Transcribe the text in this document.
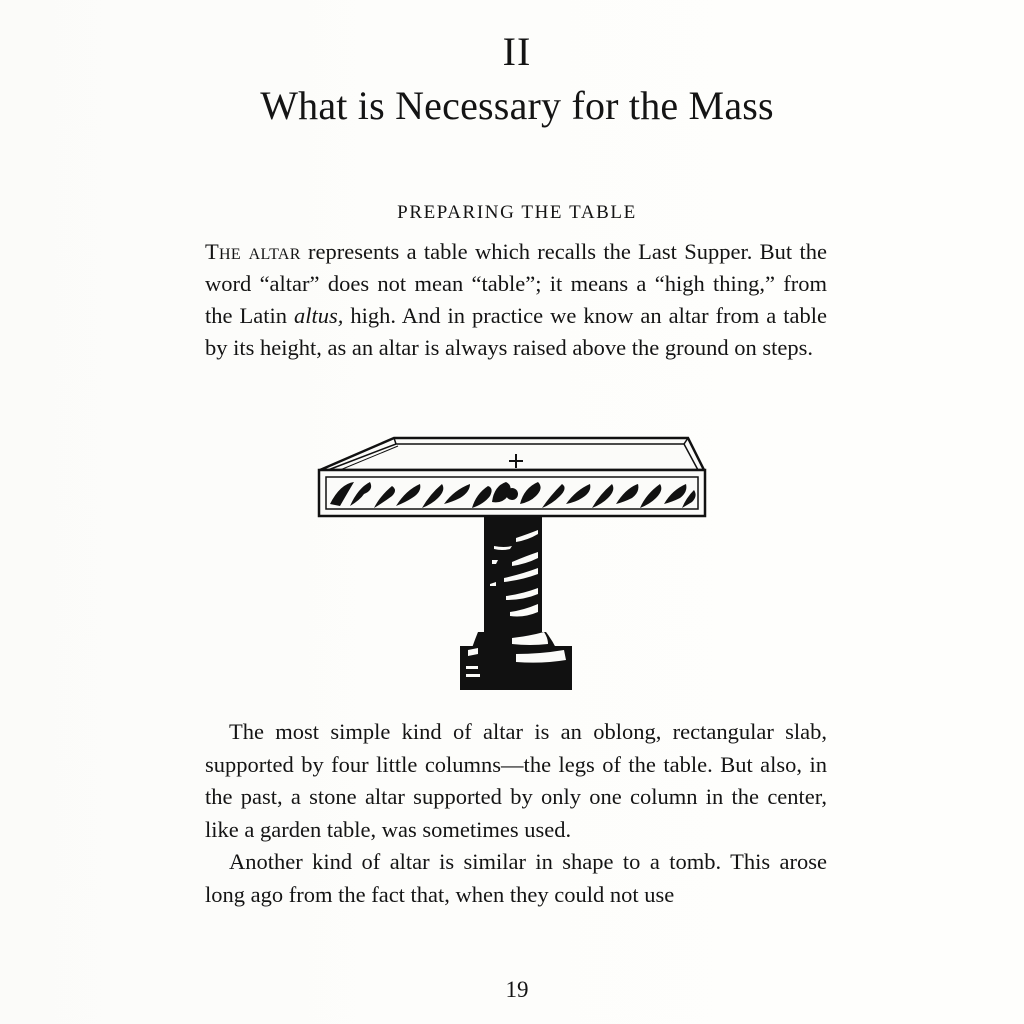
II
What is Necessary for the Mass
PREPARING THE TABLE

The altar represents a table which recalls the Last Supper. But the word “altar” does not mean “table”; it means a “high thing,” from the Latin altus, high. And in practice we know an altar from a table by its height, as an altar is always raised above the ground on steps.

The most simple kind of altar is an oblong, rectangular slab, supported by four little columns—the legs of the table. But also, in the past, a stone altar supported by only one column in the center, like a garden table, was sometimes used.

Another kind of altar is similar in shape to a tomb. This arose long ago from the fact that, when they could not use

19
